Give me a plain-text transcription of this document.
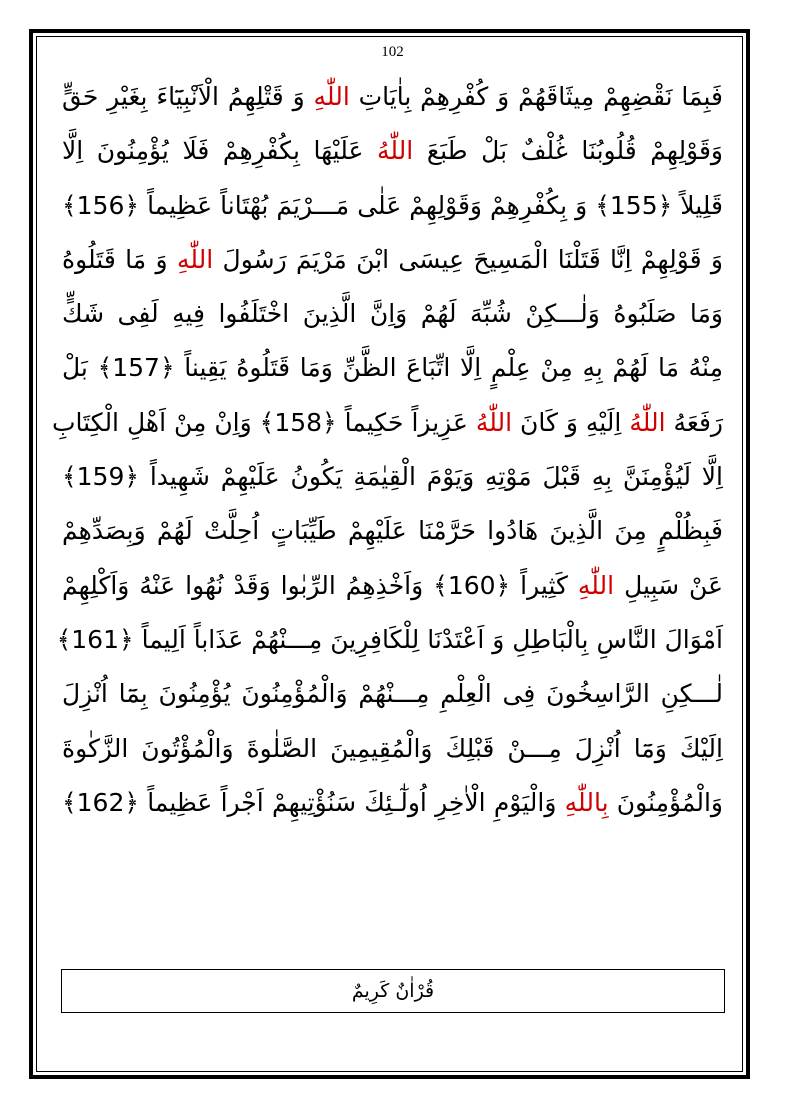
102
فَبِمَا نَقْضِهِمْ مِيثَاقَهُمْ وَ كُفْرِهِمْ بِاٰيَاتِ اللّٰهِ وَ قَتْلِهِمُ الْاَنْبِيَٓاءَ بِغَيْرِ حَقٍّ
وَقَوْلِهِمْ قُلُوبُنَا غُلْفٌ بَلْ طَبَعَ اللّٰهُ عَلَيْهَا بِكُفْرِهِمْ فَلَا يُؤْمِنُونَ اِلَّا
قَلِيلاً ﴿155﴾ وَ بِكُفْرِهِمْ وَقَوْلِهِمْ عَلٰى مَـــرْيَمَ بُهْتَاناً عَظِيماً ﴿156﴾
وَ قَوْلِهِمْ اِنَّا قَتَلْنَا الْمَسِيحَ عِيسَى ابْنَ مَرْيَمَ رَسُولَ اللّٰهِ وَ مَا قَتَلُوهُ
وَمَا صَلَبُوهُ وَلٰـــكِنْ شُبِّهَ لَهُمْ وَاِنَّ الَّذِينَ اخْتَلَفُوا فِيهِ لَفِى شَكٍّ
مِنْهُ مَا لَهُمْ بِهِ مِنْ عِلْمٍ اِلَّا اتِّبَاعَ الظَّنِّ وَمَا قَتَلُوهُ يَقِيناً ﴿157﴾ بَلْ
رَفَعَهُ اللّٰهُ اِلَيْهِ وَ كَانَ اللّٰهُ عَزِيزاً حَكِيماً ﴿158﴾ وَاِنْ مِنْ اَهْلِ الْكِتَابِ
اِلَّا لَيُؤْمِنَنَّ بِهِ قَبْلَ مَوْتِهِ وَيَوْمَ الْقِيٰمَةِ يَكُونُ عَلَيْهِمْ شَهِيداً ﴿159﴾
فَبِظُلْمٍ مِنَ الَّذِينَ هَادُوا حَرَّمْنَا عَلَيْهِمْ طَيِّبَاتٍ اُحِلَّتْ لَهُمْ وَبِصَدِّهِمْ
عَنْ سَبِيلِ اللّٰهِ كَثِيراً ﴿160﴾ وَاَخْذِهِمُ الرِّبٰوا وَقَدْ نُهُوا عَنْهُ وَاَكْلِهِمْ
اَمْوَالَ النَّاسِ بِالْبَاطِلِ وَ اَعْتَدْنَا لِلْكَافِرِينَ مِـــنْهُمْ عَذَاباً اَلِيماً ﴿161﴾
لٰـــكِنِ الرَّاسِخُونَ فِى الْعِلْمِ مِـــنْهُمْ وَالْمُؤْمِنُونَ يُؤْمِنُونَ بِمَٓا اُنْزِلَ
اِلَيْكَ وَمَٓا اُنْزِلَ مِـــنْ قَبْلِكَ وَالْمُقِيمِينَ الصَّلٰوةَ وَالْمُؤْتُونَ الزَّكٰوةَ
وَالْمُؤْمِنُونَ بِاللّٰهِ وَالْيَوْمِ الْاٰخِرِ اُولٰٓـئِكَ سَنُؤْتِيهِمْ اَجْراً عَظِيماً ﴿162﴾
قُرْاٰنٌ كَرِيمٌ
